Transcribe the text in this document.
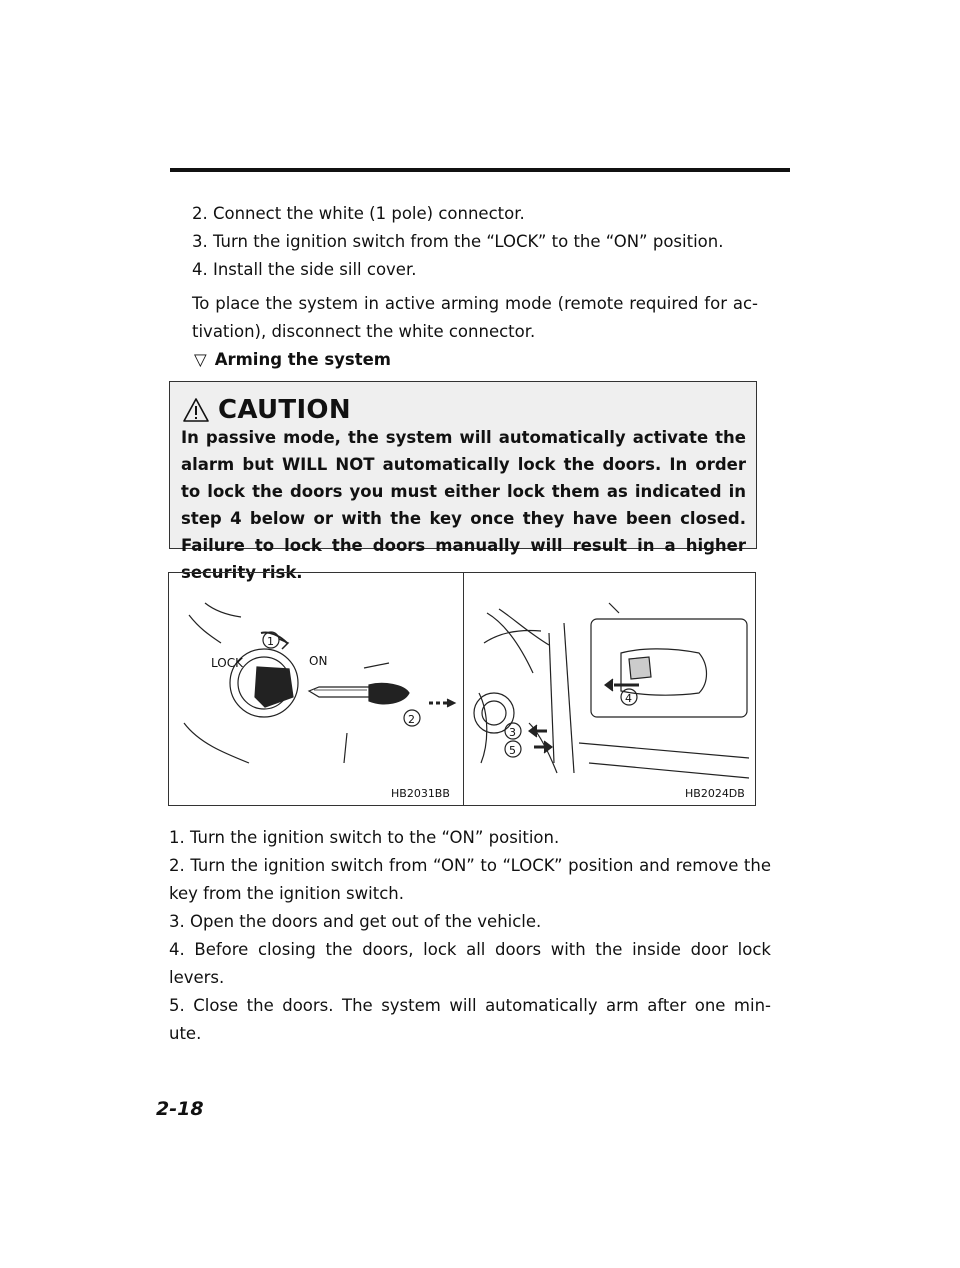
2. Connect the white (1 pole) connector.
3. Turn the ignition switch from the “LOCK” to the “ON” position.
4. Install the side sill cover.
To place the system in active arming mode (remote required for ac- tivation), disconnect the white connector.
▽ Arming the system
CAUTION
In passive mode, the system will automatically activate the alarm but WILL NOT automatically lock the doors. In order to lock the doors you must either lock them as indicated in step 4 below or with the key once they have been closed. Failure to lock the doors manually will result in a higher security risk.
LOCK	ON
1
2
4
3
5
HB2031BB	HB2024DB
1. Turn the ignition switch to the “ON” position.
2. Turn the ignition switch from “ON” to “LOCK” position and remove the key from the ignition switch.
3. Open the doors and get out of the vehicle.
4. Before closing the doors, lock all doors with the inside door lock levers.
5. Close the doors. The system will automatically arm after one min- ute.
2-18
